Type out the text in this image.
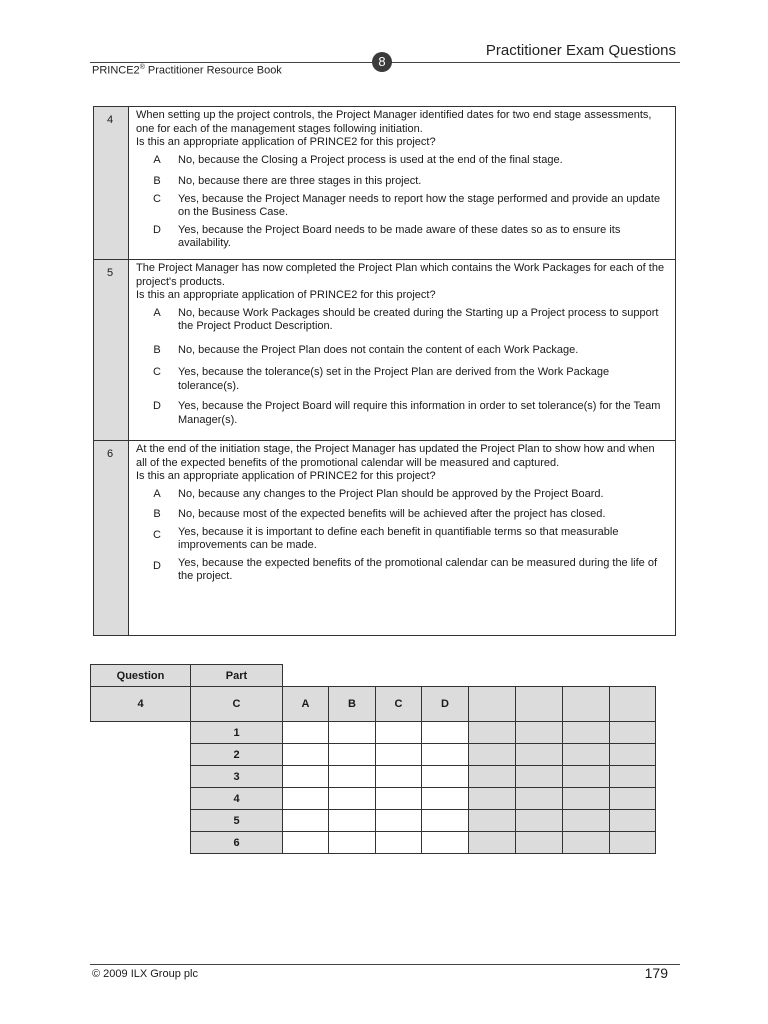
Practitioner Exam Questions
PRINCE2® Practitioner Resource Book
8
4	When setting up the project controls, the Project Manager identified dates for two end stage assessments, one for each of the management stages following initiation.
Is this an appropriate application of PRINCE2 for this project?
A	No, because the Closing a Project process is used at the end of the final stage.
B	No, because there are three stages in this project.
C	Yes, because the Project Manager needs to report how the stage performed and provide an update on the Business Case.
D	Yes, because the Project Board needs to be made aware of these dates so as to ensure its availability.
5	The Project Manager has now completed the Project Plan which contains the Work Packages for each of the project's products.
Is this an appropriate application of PRINCE2 for this project?
A	No, because Work Packages should be created during the Starting up a Project process to support the Project Product Description.
B	No, because the Project Plan does not contain the content of each Work Package.
C	Yes, because the tolerance(s) set in the Project Plan are derived from the Work Package tolerance(s).
D	Yes, because the Project Board will require this information in order to set tolerance(s) for the Team Manager(s).
6	At the end of the initiation stage, the Project Manager has updated the Project Plan to show how and when all of the expected benefits of the promotional calendar will be measured and captured.
Is this an appropriate application of PRINCE2 for this project?
A	No, because any changes to the Project Plan should be approved by the Project Board.
B	No, because most of the expected benefits will be achieved after the project has closed.
C	Yes, because it is important to define each benefit in quantifiable terms so that measurable improvements can be made.
D	Yes, because the expected benefits of the promotional calendar can be measured during the life of the project.
Question	Part								
4	C	A	B	C	D				
	1								
	2								
	3								
	4								
	5								
	6								
© 2009 ILX Group plc	179
